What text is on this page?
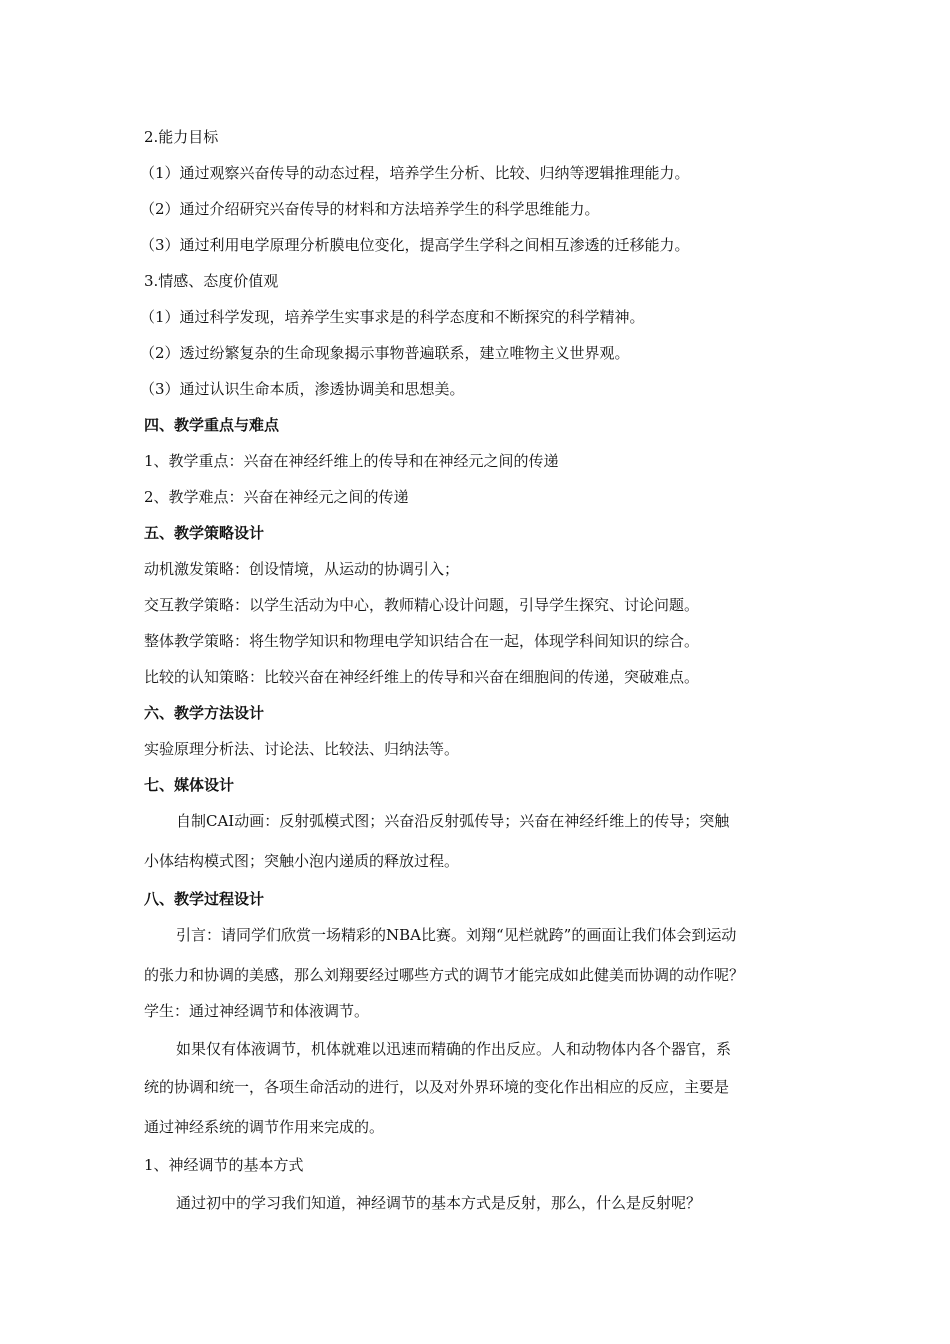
2.能力目标
（1）通过观察兴奋传导的动态过程，培养学生分析、比较、归纳等逻辑推理能力。
（2）通过介绍研究兴奋传导的材料和方法培养学生的科学思维能力。
（3）通过利用电学原理分析膜电位变化，提高学生学科之间相互渗透的迁移能力。
3.情感、态度价值观
（1）通过科学发现，培养学生实事求是的科学态度和不断探究的科学精神。
（2）透过纷繁复杂的生命现象揭示事物普遍联系，建立唯物主义世界观。
（3）通过认识生命本质，渗透协调美和思想美。
四、教学重点与难点
1、教学重点：兴奋在神经纤维上的传导和在神经元之间的传递
2、教学难点：兴奋在神经元之间的传递
五、教学策略设计
动机激发策略：创设情境，从运动的协调引入；
交互教学策略：以学生活动为中心，教师精心设计问题，引导学生探究、讨论问题。
整体教学策略：将生物学知识和物理电学知识结合在一起，体现学科间知识的综合。
比较的认知策略：比较兴奋在神经纤维上的传导和兴奋在细胞间的传递，突破难点。
六、教学方法设计
实验原理分析法、讨论法、比较法、归纳法等。
七、媒体设计
自制CAI动画：反射弧模式图；兴奋沿反射弧传导；兴奋在神经纤维上的传导；突触
小体结构模式图；突触小泡内递质的释放过程。
八、教学过程设计
引言：请同学们欣赏一场精彩的NBA比赛。刘翔“见栏就跨”的画面让我们体会到运动
的张力和协调的美感，那么刘翔要经过哪些方式的调节才能完成如此健美而协调的动作呢？
学生：通过神经调节和体液调节。
如果仅有体液调节，机体就难以迅速而精确的作出反应。人和动物体内各个器官，系
统的协调和统一，各项生命活动的进行，以及对外界环境的变化作出相应的反应，主要是
通过神经系统的调节作用来完成的。
1、神经调节的基本方式
通过初中的学习我们知道，神经调节的基本方式是反射，那么，什么是反射呢？
